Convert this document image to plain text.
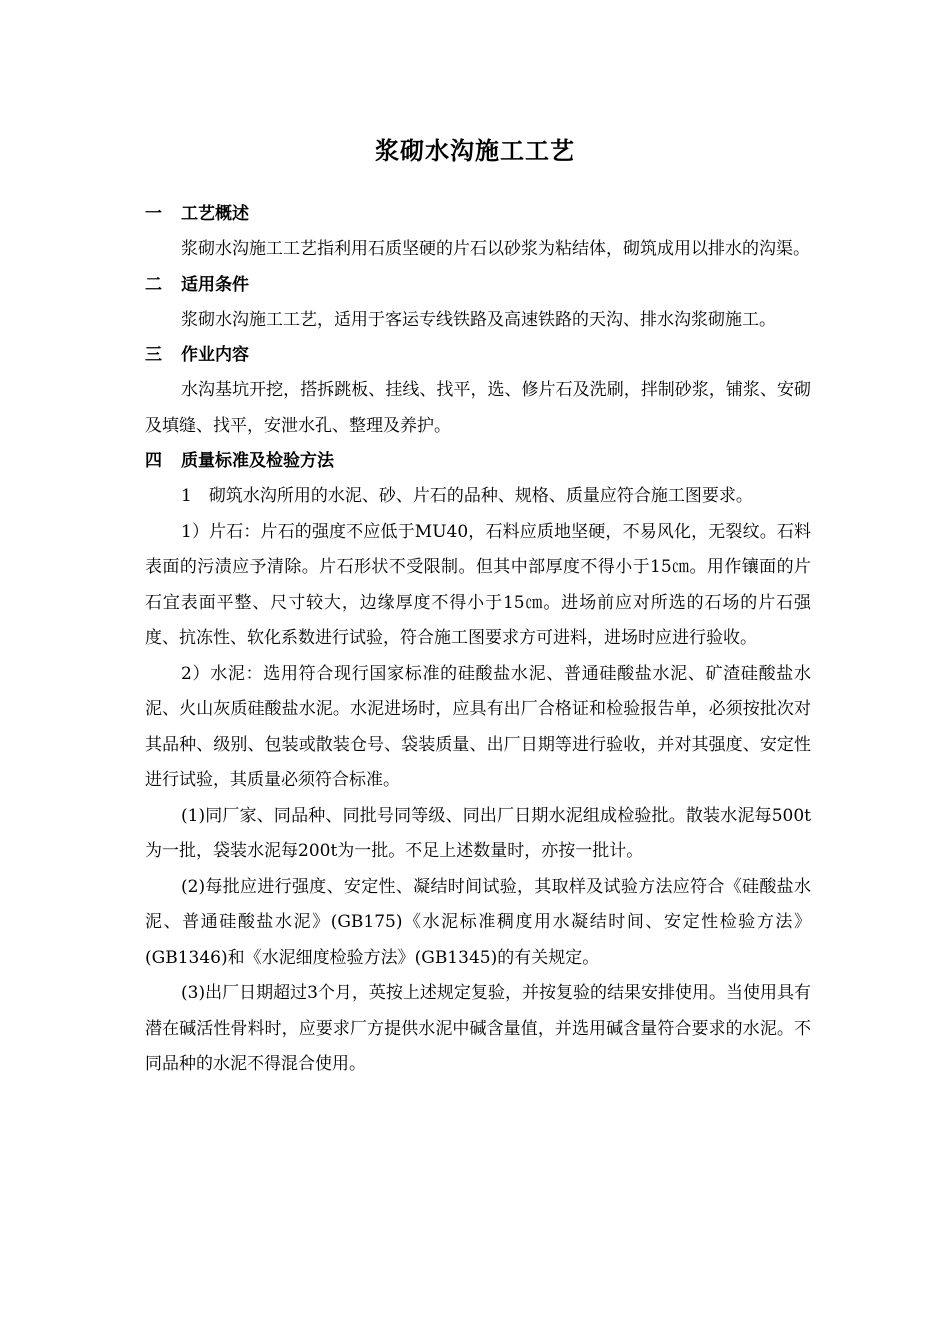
浆砌水沟施工工艺
一 工艺概述

浆砌水沟施工工艺指利用石质坚硬的片石以砂浆为粘结体，砌筑成用以排水的沟渠。

二 适用条件

浆砌水沟施工工艺，适用于客运专线铁路及高速铁路的天沟、排水沟浆砌施工。

三 作业内容

水沟基坑开挖，搭拆跳板、挂线、找平，选、修片石及洗刷，拌制砂浆，铺浆、安砌及填缝、找平，安泄水孔、整理及养护。

四 质量标准及检验方法

1　砌筑水沟所用的水泥、砂、片石的品种、规格、质量应符合施工图要求。

1）片石：片石的强度不应低于MU40，石料应质地坚硬，不易风化，无裂纹。石料表面的污渍应予清除。片石形状不受限制。但其中部厚度不得小于15㎝。用作镶面的片石宜表面平整、尺寸较大，边缘厚度不得小于15㎝。进场前应对所选的石场的片石强度、抗冻性、软化系数进行试验，符合施工图要求方可进料，进场时应进行验收。

2）水泥：选用符合现行国家标准的硅酸盐水泥、普通硅酸盐水泥、矿渣硅酸盐水泥、火山灰质硅酸盐水泥。水泥进场时，应具有出厂合格证和检验报告单，必须按批次对其品种、级别、包装或散装仓号、袋装质量、出厂日期等进行验收，并对其强度、安定性进行试验，其质量必须符合标准。

(1)同厂家、同品种、同批号同等级、同出厂日期水泥组成检验批。散装水泥每500t为一批，袋装水泥每200t为一批。不足上述数量时，亦按一批计。

(2)每批应进行强度、安定性、凝结时间试验，其取样及试验方法应符合《硅酸盐水泥、普通硅酸盐水泥》(GB175)《水泥标准稠度用水凝结时间、安定性检验方法》(GB1346)和《水泥细度检验方法》(GB1345)的有关规定。

(3)出厂日期超过3个月，英按上述规定复验，并按复验的结果安排使用。当使用具有潜在碱活性骨料时，应要求厂方提供水泥中碱含量值，并选用碱含量符合要求的水泥。不同品种的水泥不得混合使用。
